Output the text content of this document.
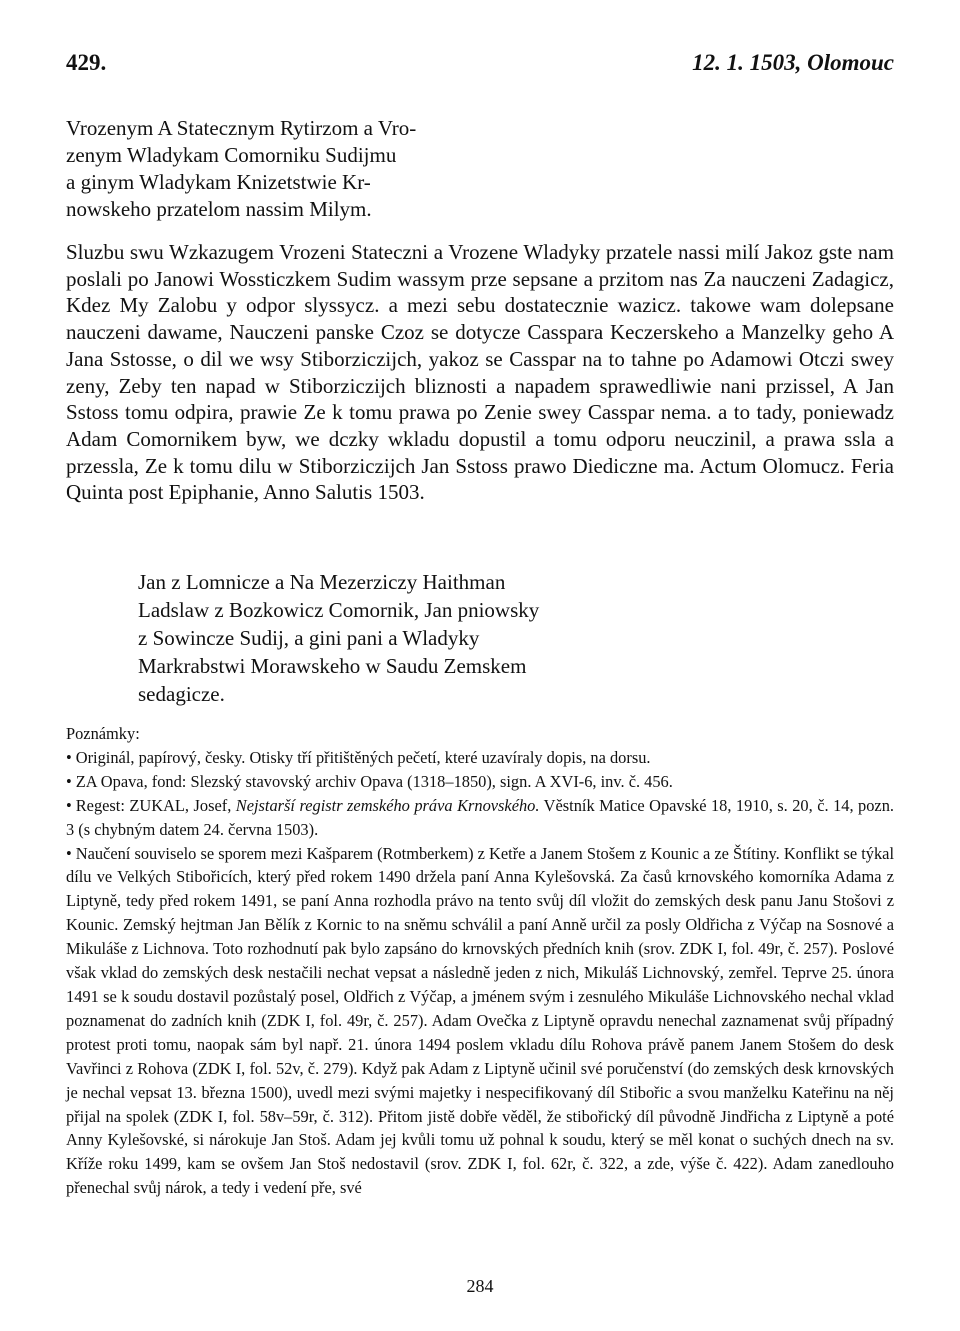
429.	12. 1. 1503, Olomouc
Vrozenym A Statecznym Rytirzom a Vro-
zenym Wladykam Comorniku Sudijmu
a ginym Wladykam Knizetstwie Kr-
nowskeho przatelom nassim Milym.
Sluzbu swu Wzkazugem Vrozeni Stateczni a Vrozene Wladyky przatele nassi milí Jakoz gste nam poslali po Janowi Wossticzkem Sudim wassym prze sepsane a przitom nas Za nauczeni Zadagicz, Kdez My Zalobu y odpor slyssycz. a mezi sebu dostatecznie wazicz. takowe wam dolepsane nauczeni dawame, Nauczeni panske Czoz se dotycze Casspara Keczerskeho a Manzelky geho A Jana Sstosse, o dil we wsy Stiborziczijch, yakoz se Casspar na to tahne po Adamowi Otczi swey zeny, Zeby ten napad w Stiborziczijch bliznosti a napadem sprawedliwie nani przissel, A Jan Sstoss tomu odpira, prawie Ze k tomu prawa po Zenie swey Casspar nema. a to tady, poniewadz Adam Comornikem byw, we dczky wkladu dopustil a tomu odporu neuczinil, a prawa ssla a przessla, Ze k tomu dilu w Stiborziczijch Jan Sstoss prawo Diediczne ma. Actum Olomucz. Feria Quinta post Epiphanie, Anno Salutis 1503.
Jan z Lomnicze a Na Mezerziczy Haithman
Ladslaw z Bozkowicz Comornik, Jan pniowsky
z Sowincze Sudij, a gini pani a Wladyky
Markrabstwi Morawskeho w Saudu Zemskem
sedagicze.

Poznámky:

• Originál, papírový, česky. Otisky tří přitištěných pečetí, které uzavíraly dopis, na dorsu.

• ZA Opava, fond: Slezský stavovský archiv Opava (1318–1850), sign. A XVI-6, inv. č. 456.

• Regest: ZUKAL, Josef, Nejstarší registr zemského práva Krnovského. Věstník Matice Opavské 18, 1910, s. 20, č. 14, pozn. 3 (s chybným datem 24. června 1503).

• Naučení souviselo se sporem mezi Kašparem (Rotmberkem) z Ketře a Janem Stošem z Kounic a ze Štítiny. Konflikt se týkal dílu ve Velkých Stibořicích, který před rokem 1490 držela paní Anna Kylešovská. Za časů krnovského komorníka Adama z Liptyně, tedy před rokem 1491, se paní Anna rozhodla právo na tento svůj díl vložit do zemských desk panu Janu Stošovi z Kounic. Zemský hejtman Jan Bělík z Kornic to na sněmu schválil a paní Anně určil za posly Oldřicha z Výčap na Sosnové a Mikuláše z Lichnova. Toto rozhodnutí pak bylo zapsáno do krnovských předních knih (srov. ZDK I, fol. 49r, č. 257). Poslové však vklad do zemských desk nestačili nechat vepsat a následně jeden z nich, Mikuláš Lichnovský, zemřel. Teprve 25. února 1491 se k soudu dostavil pozůstalý posel, Oldřich z Výčap, a jménem svým i zesnulého Mikuláše Lichnovského nechal vklad poznamenat do zadních knih (ZDK I, fol. 49r, č. 257). Adam Ovečka z Liptyně opravdu nenechal zaznamenat svůj případný protest proti tomu, naopak sám byl např. 21. února 1494 poslem vkladu dílu Rohova právě panem Janem Stošem do desk Vavřinci z Rohova (ZDK I, fol. 52v, č. 279). Když pak Adam z Liptyně učinil své poručenství (do zemských desk krnovských je nechal vepsat 13. března 1500), uvedl mezi svými majetky i nespecifikovaný díl Stibořic a svou manželku Kateřinu na něj přijal na spolek (ZDK I, fol. 58v–59r, č. 312). Přitom jistě dobře věděl, že stibořický díl původně Jindřicha z Liptyně a poté Anny Kylešovské, si nárokuje Jan Stoš. Adam jej kvůli tomu už pohnal k soudu, který se měl konat o suchých dnech na sv. Kříže roku 1499, kam se ovšem Jan Stoš nedostavil (srov. ZDK I, fol. 62r, č. 322, a zde, výše č. 422). Adam zanedlouho přenechal svůj nárok, a tedy i vedení pře, své

284
